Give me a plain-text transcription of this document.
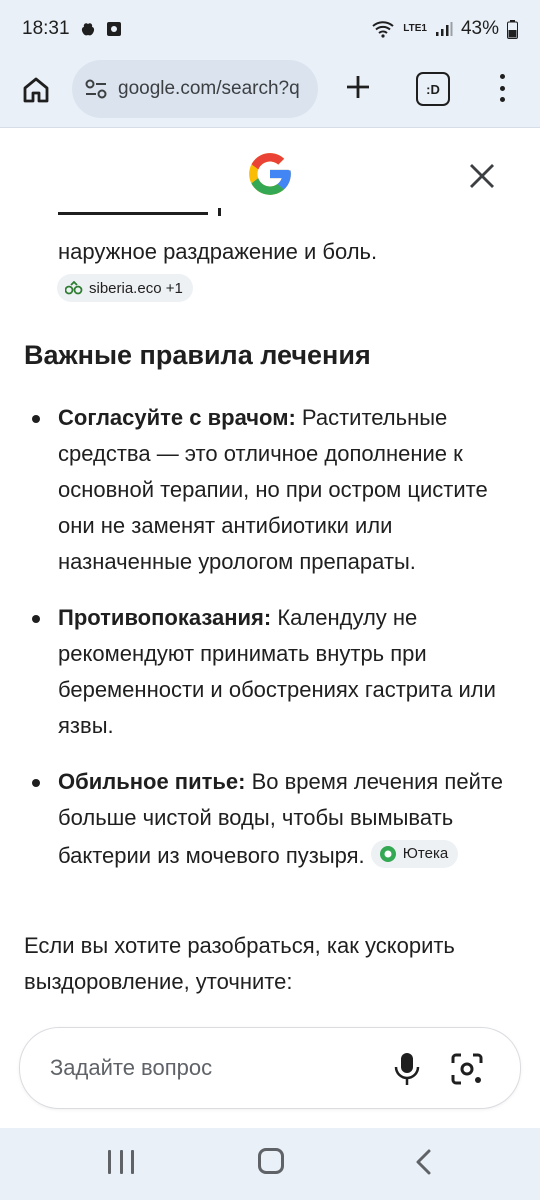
18:31	LTE1 43%
google.com/search?q	:D
наружное раздражение и боль.
siberia.eco +1
Важные правила лечения
Согласуйте с врачом: Растительные средства — это отличное дополнение к основной терапии, но при остром цистите они не заменят антибиотики или назначенные урологом препараты.
Противопоказания: Календулу не рекомендуют принимать внутрь при беременности и обострениях гастрита или язвы.
Обильное питье: Во время лечения пейте больше чистой воды, чтобы вымывать бактерии из мочевого пузыря.	Ютека
Если вы хотите разобраться, как ускорить выздоровление, уточните:
Задайте вопрос
